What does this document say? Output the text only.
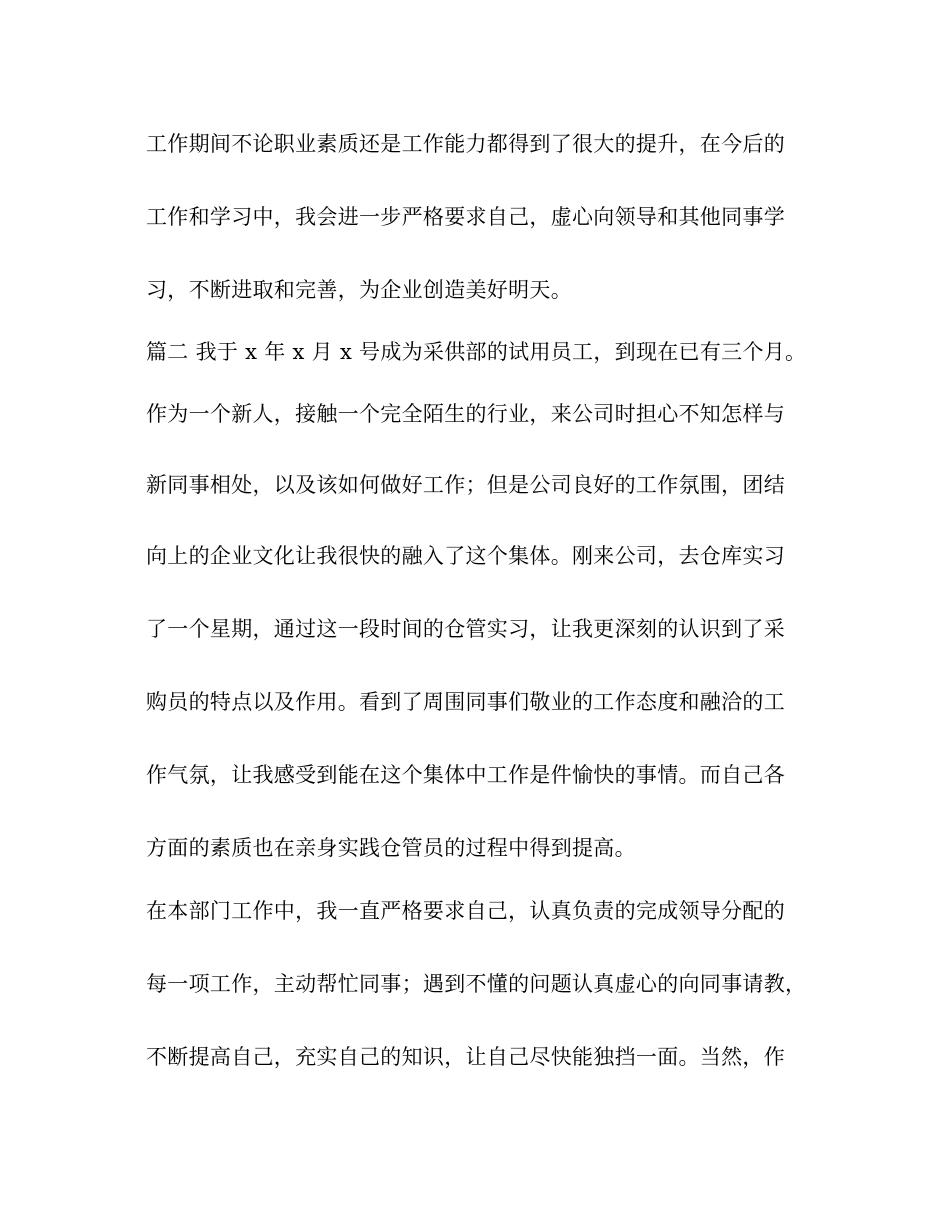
工作期间不论职业素质还是工作能力都得到了很大的提升，在今后的
工作和学习中，我会进一步严格要求自己，虚心向领导和其他同事学
习，不断进取和完善，为企业创造美好明天。
篇二 我于 x 年 x 月 x 号成为采供部的试用员工，到现在已有三个月。
作为一个新人，接触一个完全陌生的行业，来公司时担心不知怎样与
新同事相处，以及该如何做好工作；但是公司良好的工作氛围，团结
向上的企业文化让我很快的融入了这个集体。刚来公司，去仓库实习
了一个星期，通过这一段时间的仓管实习，让我更深刻的认识到了采
购员的特点以及作用。看到了周围同事们敬业的工作态度和融洽的工
作气氛，让我感受到能在这个集体中工作是件愉快的事情。而自己各
方面的素质也在亲身实践仓管员的过程中得到提高。
在本部门工作中，我一直严格要求自己，认真负责的完成领导分配的
每一项工作，主动帮忙同事；遇到不懂的问题认真虚心的向同事请教，
不断提高自己，充实自己的知识，让自己尽快能独挡一面。当然，作
